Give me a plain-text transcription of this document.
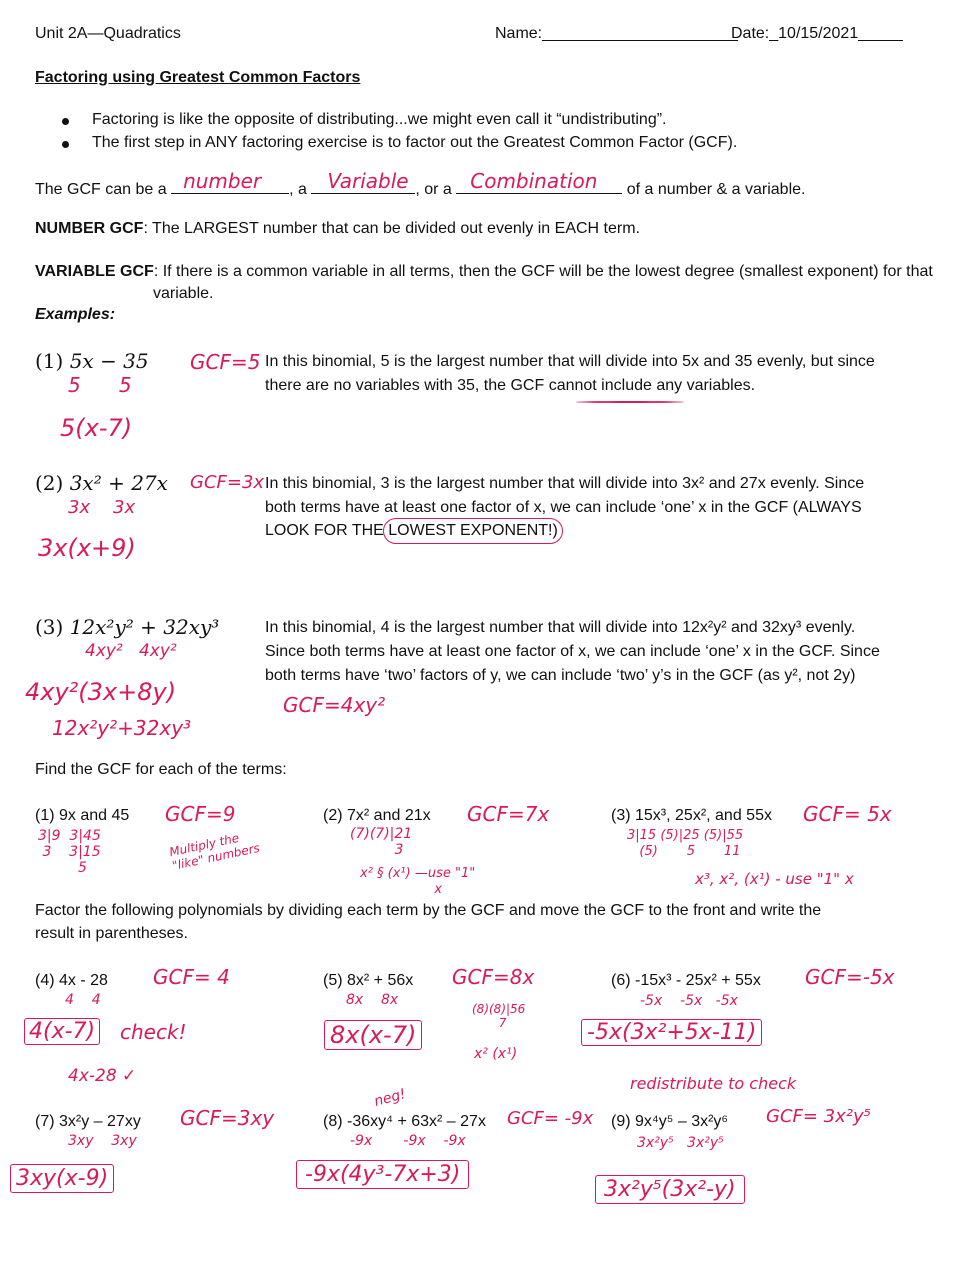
Unit 2A—Quadratics	Name:______________________
Date:_10/15/2021_____
Factoring using Greatest Common Factors
Factoring is like the opposite of distributing...we might even call it “undistributing”.
The first step in ANY factoring exercise is to factor out the Greatest Common Factor (GCF).
The GCF can be a number , a Variable , or a Combination of a number & a variable.
NUMBER GCF: The LARGEST number that can be divided out evenly in EACH term.
VARIABLE GCF: If there is a common variable in all terms, then the GCF will be the lowest degree (smallest exponent) for that
variable.
Examples:
(1) 5x − 35
5      5
5(x-7)
GCF=5 In this binomial, 5 is the largest number that will divide into 5x and 35 evenly, but since
there are no variables with 35, the GCF cannot include any variables.
(2) 3x² + 27x
3x    3x
3x(x+9)
GCF=3x In this binomial, 3 is the largest number that will divide into 3x² and 27x evenly. Since
both terms have at least one factor of x, we can include ‘one’ x in the GCF (ALWAYS
LOOK FOR THE LOWEST EXPONENT!)
(3) 12x²y² + 32xy³
4xy²   4xy²
4xy²(3x+8y)
12x²y²+32xy³
GCF=4xy²
In this binomial, 4 is the largest number that will divide into 12x²y² and 32xy³ evenly.
Since both terms have at least one factor of x, we can include ‘one’ x in the GCF. Since
both terms have ‘two’ factors of y, we can include ‘two’ y’s in the GCF (as y², not 2y)
Find the GCF for each of the terms:
(1) 9x and 45 GCF=9
3|9  3|45
3    3|15
5
Multiply the
"like" numbers
(2) 7x² and 21x GCF=7x
(7)(7)|21
3
x² § (x¹) —use "1"
x
(3) 15x³, 25x², and 55x GCF= 5x
3|15 (5)|25 (5)|55
(5)       5       11
x³, x², (x¹) - use "1" x
Factor the following polynomials by dividing each term by the GCF and move the GCF to the front and write the
result in parentheses.
(4) 4x - 28 GCF= 4
4    4
4(x-7) check!
4x-28 ✓
(5) 8x² + 56x GCF=8x
8x    8x
8x(x-7)
(8)(8)|56
7
x² (x¹)
(6) -15x³ - 25x² + 55x GCF=-5x
-5x    -5x   -5x
-5x(3x²+5x-11)
redistribute to check
(7) 3x²y – 27xy GCF=3xy
3xy    3xy
3xy(x-9)
(8) -36xy⁴ + 63x² – 27x GCF= -9x
neg!
-9x       -9x    -9x
-9x(4y³-7x+3)
(9) 9x⁴y⁵ – 3x²y⁶ GCF= 3x²y⁵
3x²y⁵   3x²y⁵
3x²y⁵(3x²-y)
